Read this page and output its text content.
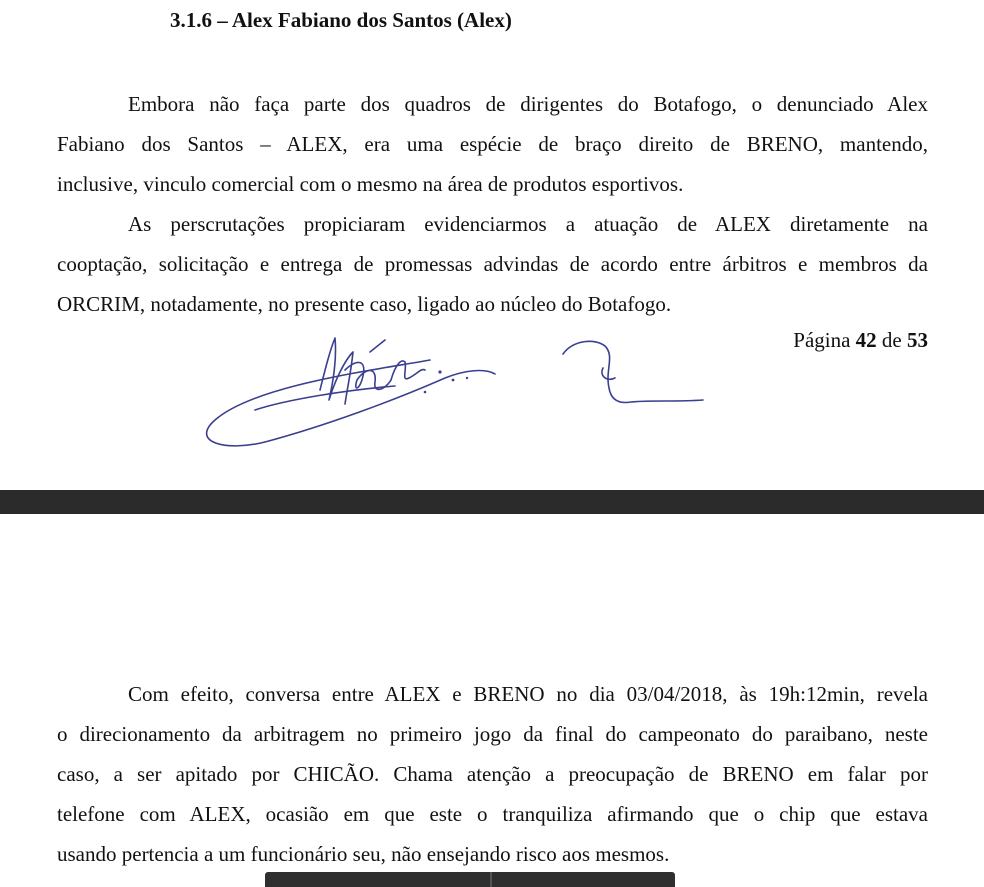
3.1.6 – Alex Fabiano dos Santos (Alex)
Embora não faça parte dos quadros de dirigentes do Botafogo, o denunciado Alex
Fabiano dos Santos – ALEX, era uma espécie de braço direito de BRENO, mantendo,
inclusive, vinculo comercial com o mesmo na área de produtos esportivos.
As perscrutações propiciaram evidenciarmos a atuação de ALEX diretamente na
cooptação, solicitação e entrega de promessas advindas de acordo entre árbitros e membros da
ORCRIM, notadamente, no presente caso, ligado ao núcleo do Botafogo.
Página 42 de 53
Com efeito, conversa entre ALEX e BRENO no dia 03/04/2018, às 19h:12min, revela
o direcionamento da arbitragem no primeiro jogo da final do campeonato do paraibano, neste
caso, a ser apitado por CHICÃO. Chama atenção a preocupação de BRENO em falar por
telefone com ALEX, ocasião em que este o tranquiliza afirmando que o chip que estava
usando pertencia a um funcionário seu, não ensejando risco aos mesmos.
